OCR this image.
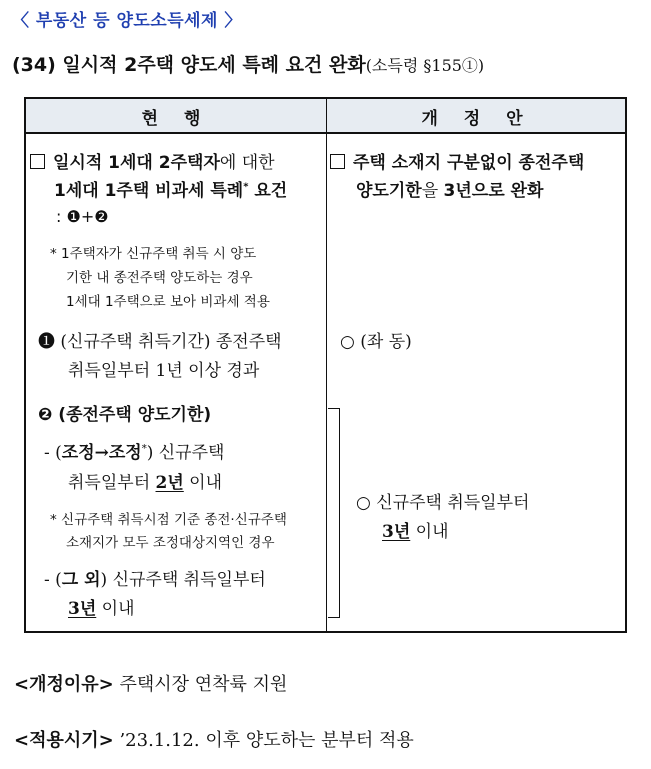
〈 부동산 등 양도소득세제 〉
(34) 일시적 2주택 양도세 특례 요건 완화(소득령 §155①)
현 행	개 정 안
일시적 1세대 2주택자에 대한
1세대 1주택 비과세 특례* 요건
: ❶+❷
* 1주택자가 신규주택 취득 시 양도
기한 내 종전주택 양도하는 경우
1세대 1주택으로 보아 비과세 적용
❶ (신규주택 취득기간) 종전주택
취득일부터 1년 이상 경과
❷ (종전주택 양도기한)
- (조정→조정*) 신규주택
취득일부터 2년 이내
* 신규주택 취득시점 기준 종전·신규주택
소재지가 모두 조정대상지역인 경우
- (그 외) 신규주택 취득일부터
3년 이내
주택 소재지 구분없이 종전주택
양도기한을 3년으로 완화
○ (좌 동)
○ 신규주택 취득일부터
3년 이내
<개정이유> 주택시장 연착륙 지원
<적용시기> ’23.1.12. 이후 양도하는 분부터 적용
